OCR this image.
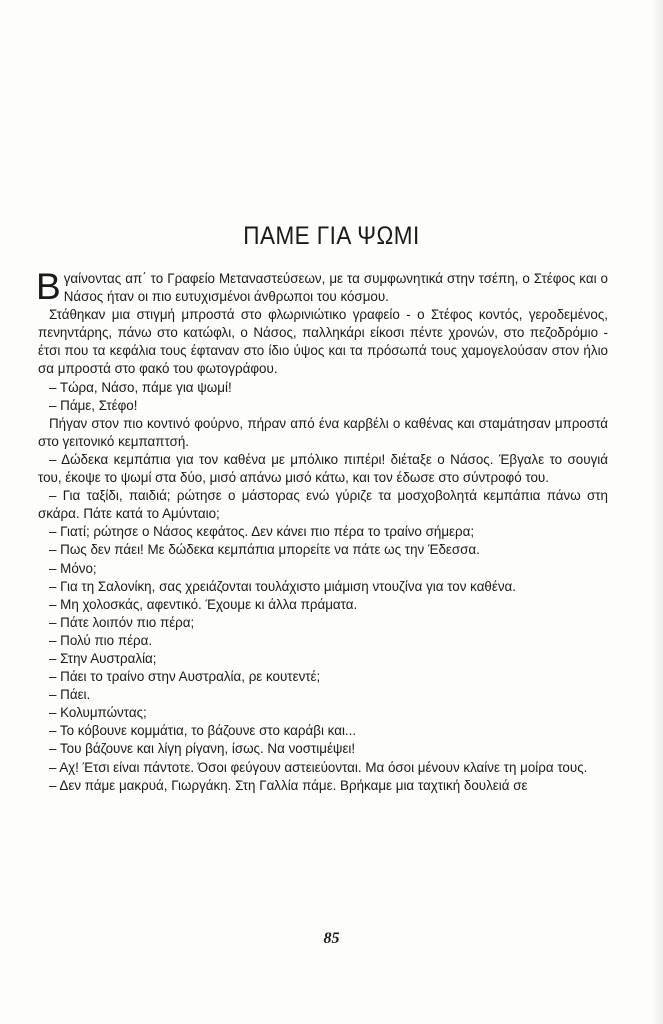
ΠΑΜΕ ΓΙΑ ΨΩΜΙ

Βγαίνοντας απ΄ το Γραφείο Μεταναστεύσεων, με τα συμφωνητικά στην τσέπη, ο Στέφος και ο Νάσος ήταν οι πιο ευτυχισμένοι άνθρωποι του κόσμου.

Στάθηκαν μια στιγμή μπροστά στο φλωρινιώτικο γραφείο - ο Στέφος κοντός, γεροδεμένος, πενηντάρης, πάνω στο κατώφλι, ο Νάσος, παλληκάρι είκοσι πέντε χρονών, στο πεζοδρόμιο - έτσι που τα κεφάλια τους έφταναν στο ίδιο ύψος και τα πρόσωπά τους χαμογελούσαν στον ήλιο σα μπροστά στο φακό του φωτογράφου.

– Τώρα, Νάσο, πάμε για ψωμί!

– Πάμε, Στέφο!

Πήγαν στον πιο κοντινό φούρνο, πήραν από ένα καρβέλι ο καθένας και σταμάτησαν μπροστά στο γειτονικό κεμπαπτσή.

– Δώδεκα κεμπάπια για τον καθένα με μπόλικο πιπέρι! διέταξε ο Νάσος. Έβγαλε το σουγιά του, έκοψε το ψωμί στα δύο, μισό απάνω μισό κάτω, και τον έδωσε στο σύντροφό του.

– Για ταξίδι, παιδιά; ρώτησε ο μάστορας ενώ γύριζε τα μοσχοβολητά κεμπάπια πάνω στη σκάρα. Πάτε κατά το Αμύνταιο;

– Γιατί; ρώτησε ο Νάσος κεφάτος. Δεν κάνει πιο πέρα το τραίνο σήμερα;

– Πως δεν πάει! Με δώδεκα κεμπάπια μπορείτε να πάτε ως την Έδεσσα.

– Μόνο;

– Για τη Σαλονίκη, σας χρειάζονται τουλάχιστο μιάμιση ντουζίνα για τον καθένα.

– Μη χολοσκάς, αφεντικό. Έχουμε κι άλλα πράματα.

– Πάτε λοιπόν πιο πέρα;

– Πολύ πιο πέρα.

– Στην Αυστραλία;

– Πάει το τραίνο στην Αυστραλία, ρε κουτεντέ;

– Πάει.

– Κολυμπώντας;

– Το κόβουνε κομμάτια, το βάζουνε στο καράβι και...

– Του βάζουνε και λίγη ρίγανη, ίσως. Να νοστιμέψει!

– Αχ! Έτσι είναι πάντοτε. Όσοι φεύγουν αστειεύονται. Μα όσοι μένουν κλαίνε τη μοίρα τους.

– Δεν πάμε μακρυά, Γιωργάκη. Στη Γαλλία πάμε. Βρήκαμε μια ταχτική δουλειά σε

85
